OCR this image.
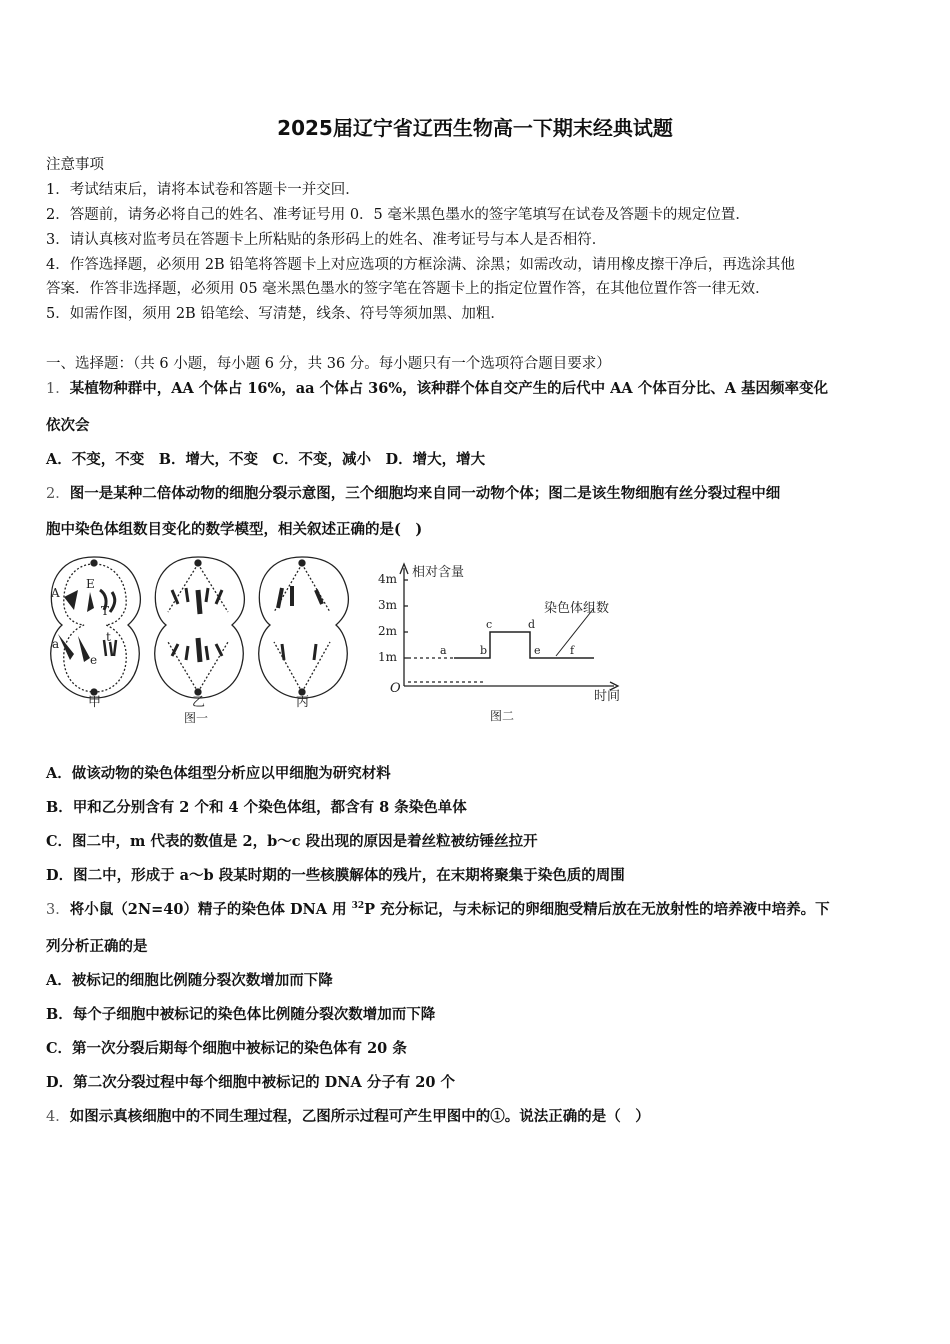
2025届辽宁省辽西生物高一下期末经典试题
注意事项
1．考试结束后，请将本试卷和答题卡一并交回．
2．答题前，请务必将自己的姓名、准考证号用 0．5 毫米黑色墨水的签字笔填写在试卷及答题卡的规定位置．
3．请认真核对监考员在答题卡上所粘贴的条形码上的姓名、准考证号与本人是否相符．
4．作答选择题，必须用 2B 铅笔将答题卡上对应选项的方框涂满、涂黑；如需改动，请用橡皮擦干净后，再选涂其他
答案．作答非选择题，必须用 05 毫米黑色墨水的签字笔在答题卡上的指定位置作答，在其他位置作答一律无效．
5．如需作图，须用 2B 铅笔绘、写清楚，线条、符号等须加黑、加粗．
一、选择题：（共 6 小题，每小题 6 分，共 36 分。每小题只有一个选项符合题目要求）
1．某植物种群中，AA 个体占 16%，aa 个体占 36%，该种群个体自交产生的后代中 AA 个体百分比、A 基因频率变化
依次会
A．不变，不变　B．增大，不变　C．不变，减小　D．增大，增大
2．图一是某种二倍体动物的细胞分裂示意图，三个细胞均来自同一动物个体；图二是该生物细胞有丝分裂过程中细
胞中染色体组数目变化的数学模型，相关叙述正确的是(　)
A
E
T
a
e
t
甲	乙
图一
丙
4m
3m
2m
1m
相对含量
O
时间
染色体组数
a	b
c	d
e	f
图二
A．做该动物的染色体组型分析应以甲细胞为研究材料
B．甲和乙分别含有 2 个和 4 个染色体组，都含有 8 条染色单体
C．图二中，m 代表的数值是 2，b～c 段出现的原因是着丝粒被纺锤丝拉开
D．图二中，形成于 a～b 段某时期的一些核膜解体的残片，在末期将聚集于染色质的周围
3．将小鼠（2N=40）精子的染色体 DNA 用 $^{32}$P 充分标记，与未标记的卵细胞受精后放在无放射性的培养液中培养。下
列分析正确的是
A．被标记的细胞比例随分裂次数增加而下降
B．每个子细胞中被标记的染色体比例随分裂次数增加而下降
C．第一次分裂后期每个细胞中被标记的染色体有 20 条
D．第二次分裂过程中每个细胞中被标记的 DNA 分子有 20 个
4．如图示真核细胞中的不同生理过程，乙图所示过程可产生甲图中的①。说法正确的是（　）
